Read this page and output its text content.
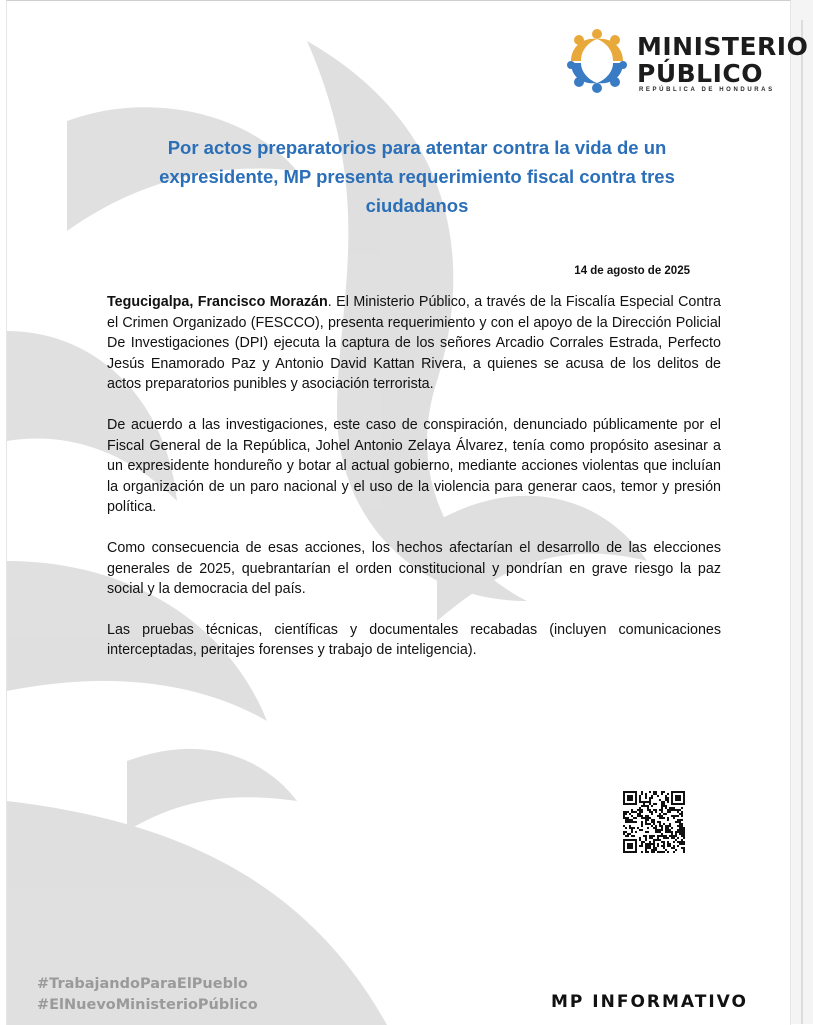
MINISTERIO
PÚBLICO
REPÚBLICA DE HONDURAS
Por actos preparatorios para atentar contra la vida de un expresidente, MP presenta requerimiento fiscal contra tres ciudadanos
14 de agosto de 2025

Tegucigalpa, Francisco Morazán. El Ministerio Público, a través de la Fiscalía Especial Contra el Crimen Organizado (FESCCO), presenta requerimiento y con el apoyo de la Dirección Policial De Investigaciones (DPI) ejecuta la captura de los señores Arcadio Corrales Estrada, Perfecto Jesús Enamorado Paz y Antonio David Kattan Rivera, a quienes se acusa de los delitos de actos preparatorios punibles y asociación terrorista.

De acuerdo a las investigaciones, este caso de conspiración, denunciado públicamente por el Fiscal General de la República, Johel Antonio Zelaya Álvarez, tenía como propósito asesinar a un expresidente hondureño y botar al actual gobierno, mediante acciones violentas que incluían la organización de un paro nacional y el uso de la violencia para generar caos, temor y presión política.

Como consecuencia de esas acciones, los hechos afectarían el desarrollo de las elecciones generales de 2025, quebrantarían el orden constitucional y pondrían en grave riesgo la paz social y la democracia del país.

Las pruebas técnicas, científicas y documentales recabadas (incluyen comunicaciones interceptadas, peritajes forenses y trabajo de inteligencia).

#TrabajandoParaElPueblo
#ElNuevoMinisterioPúblico	MP INFORMATIVO
